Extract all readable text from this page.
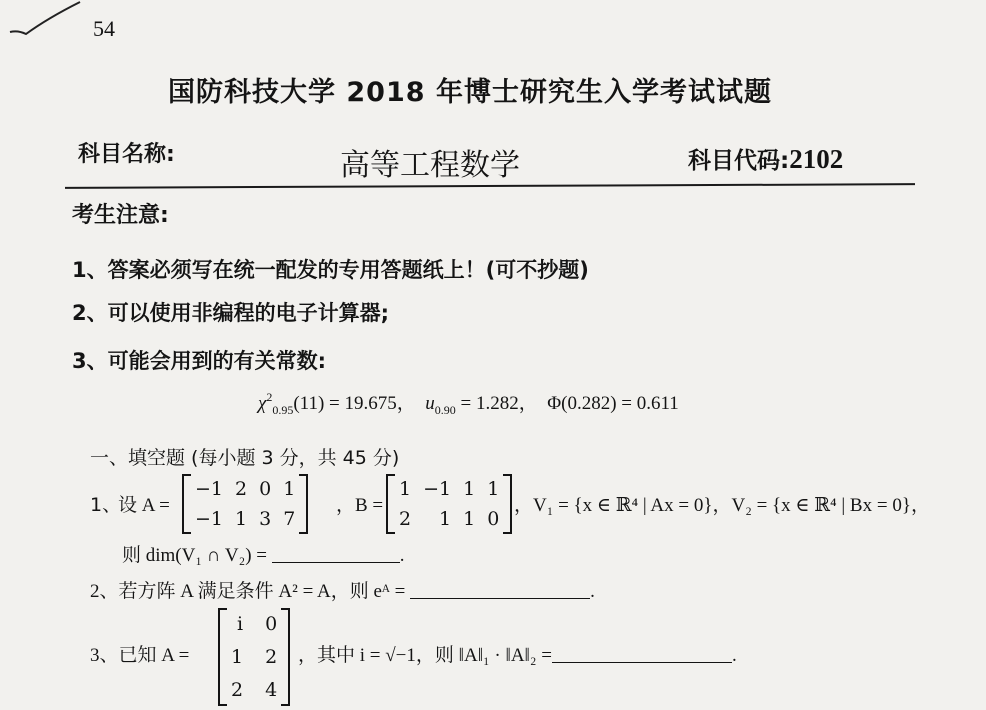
54
国防科技大学 2018 年博士研究生入学考试试题
科目名称:	高等工程数学	科目代码:2102
考生注意:
1、答案必须写在统一配发的专用答题纸上！(可不抄题)
2、可以使用非编程的电子计算器;
3、可能会用到的有关常数:
$\chi^2_{0.95}(11) = 19.675$， $u_{0.90} = 1.282$， Φ(0.282) = 0.611
一、填空题 (每小题 3 分，共 45 分)
1、
设 A =
−1 2 0 1
−1 1 3 7
，B =
1 −1 1 1
2	1 1 0
，V₁ = {x ∈ ℝ⁴ | Ax = 0}，V₂ = {x ∈ ℝ⁴ | Bx = 0}，
则 dim(V₁ ∩ V₂) =	.
2、若方阵 A 满足条件 A² = A，则 eᴬ =	.
3、已知 A =
i 0
1 2
2 4
，其中 i = √−1，则 ‖A‖₁ · ‖A‖₂ =	.
